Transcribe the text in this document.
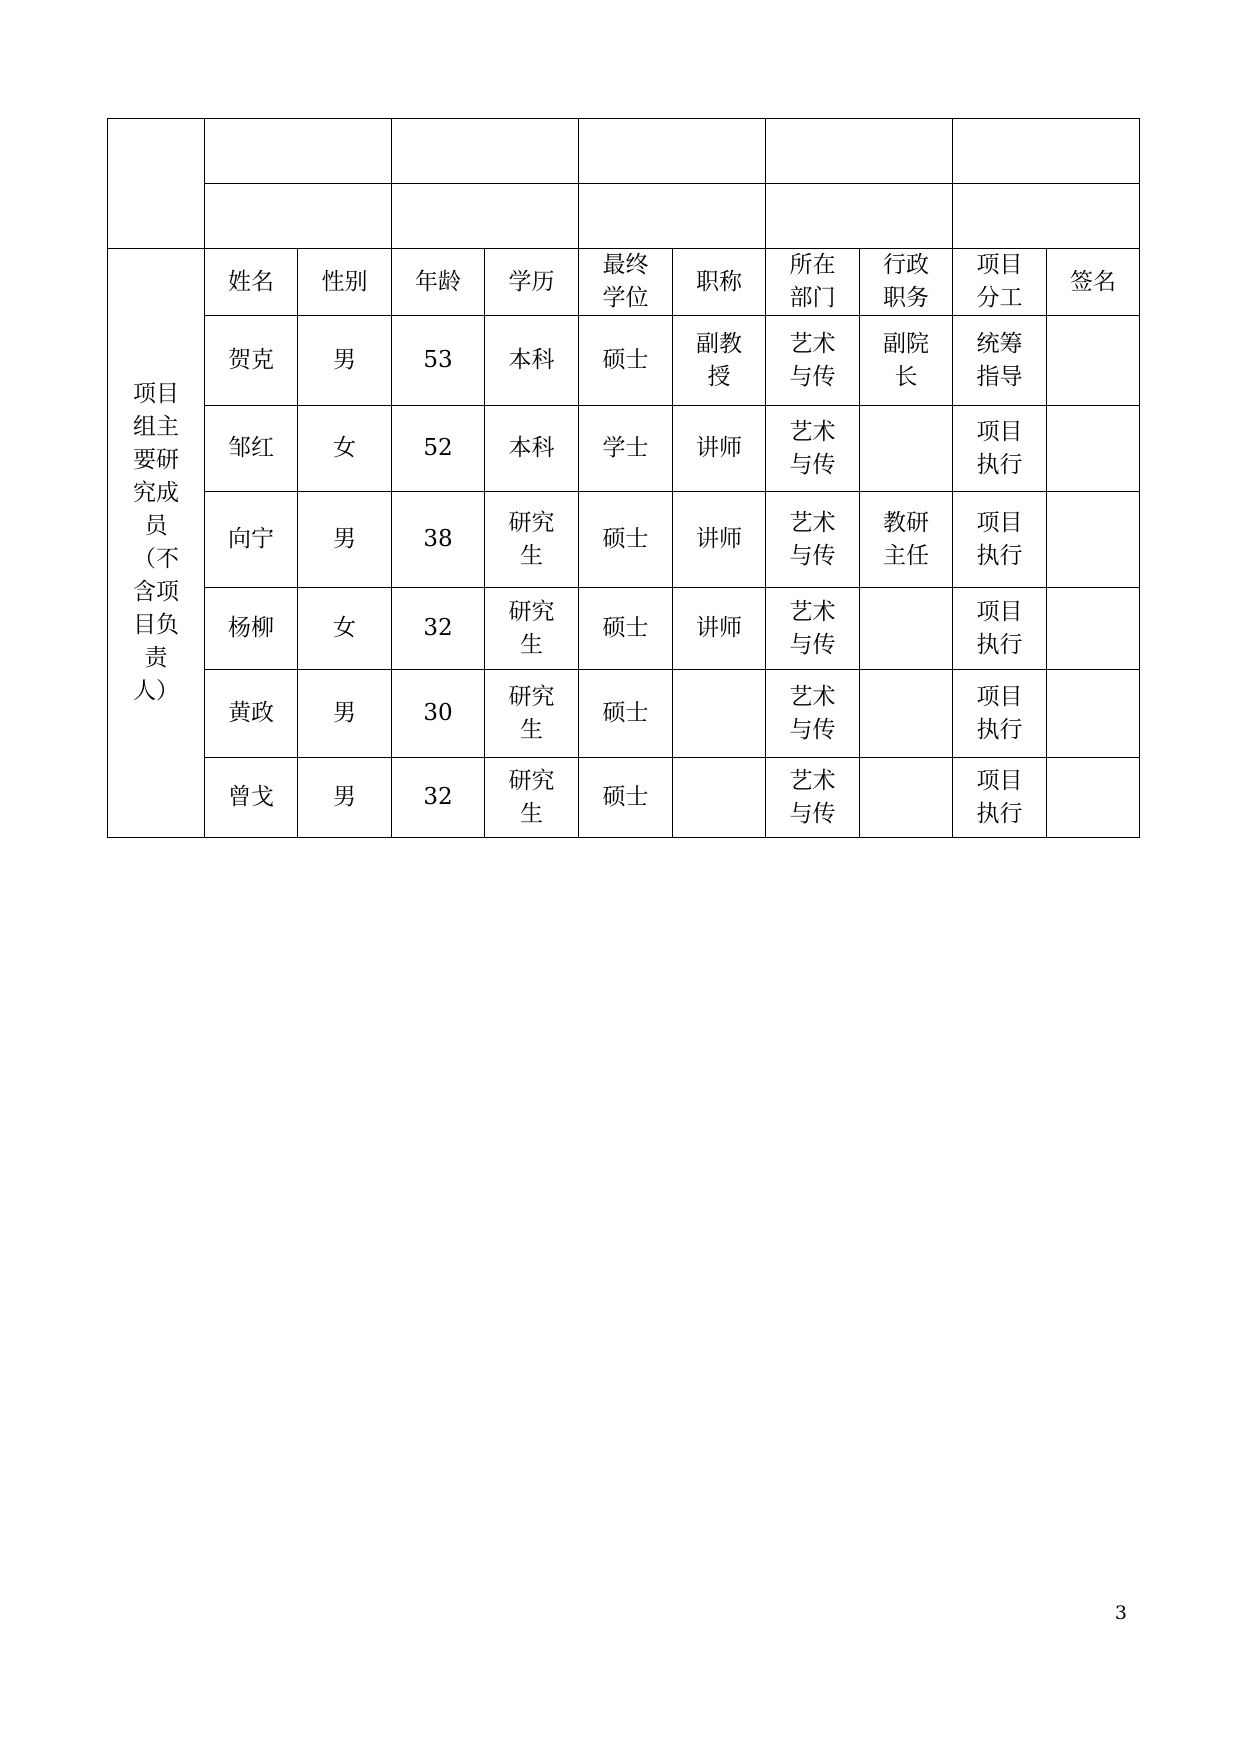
项目组主要研究成员（不含项目负责人）	姓名	性别	年龄	学历	最终学位	职称	所在部门	行政职务	项目分工	签名
	贺克	男	53	本科	硕士	副教授	艺术与传	副院长	统筹指导	

	邹红	女	52	本科	学士	讲师	艺术与传		项目执行	

	向宁	男	38	研究生	硕士	讲师	艺术与传	教研主任	项目执行	

	杨柳	女	32	研究生	硕士	讲师	艺术与传		项目执行	

	黄政	男	30	研究生	硕士		艺术与传		项目执行	

	曾戈	男	32	研究生	硕士		艺术与传		项目执行	

3
